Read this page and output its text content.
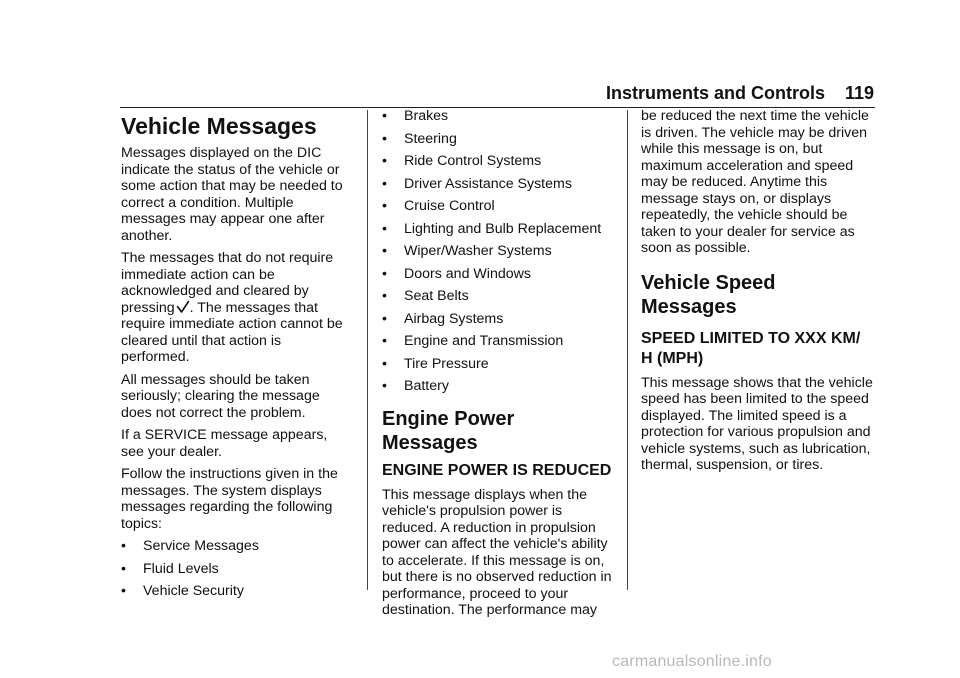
Instruments and Controls 119
Vehicle Messages

Messages displayed on the DIC indicate the status of the vehicle or some action that may be needed to correct a condition. Multiple messages may appear one after another.

The messages that do not require immediate action can be acknowledged and cleared by pressing . The messages that require immediate action cannot be cleared until that action is performed.

All messages should be taken seriously; clearing the message does not correct the problem.

If a SERVICE message appears, see your dealer.

Follow the instructions given in the messages. The system displays messages regarding the following topics:

•	Service Messages
•	Fluid Levels
•	Vehicle Security
•	Brakes
•	Steering
•	Ride Control Systems
•	Driver Assistance Systems
•	Cruise Control
•	Lighting and Bulb Replacement
•	Wiper/Washer Systems
•	Doors and Windows
•	Seat Belts
•	Airbag Systems
•	Engine and Transmission
•	Tire Pressure
•	Battery
Engine Power Messages
ENGINE POWER IS REDUCED

This message displays when the vehicle's propulsion power is reduced. A reduction in propulsion power can affect the vehicle's ability to accelerate. If this message is on, but there is no observed reduction in performance, proceed to your destination. The performance may

be reduced the next time the vehicle is driven. The vehicle may be driven while this message is on, but maximum acceleration and speed may be reduced. Anytime this message stays on, or displays repeatedly, the vehicle should be taken to your dealer for service as soon as possible.

Vehicle Speed Messages
SPEED LIMITED TO XXX KM/ H (MPH)

This message shows that the vehicle speed has been limited to the speed displayed. The limited speed is a protection for various propulsion and vehicle systems, such as lubrication, thermal, suspension, or tires.

carmanualsonline.info
